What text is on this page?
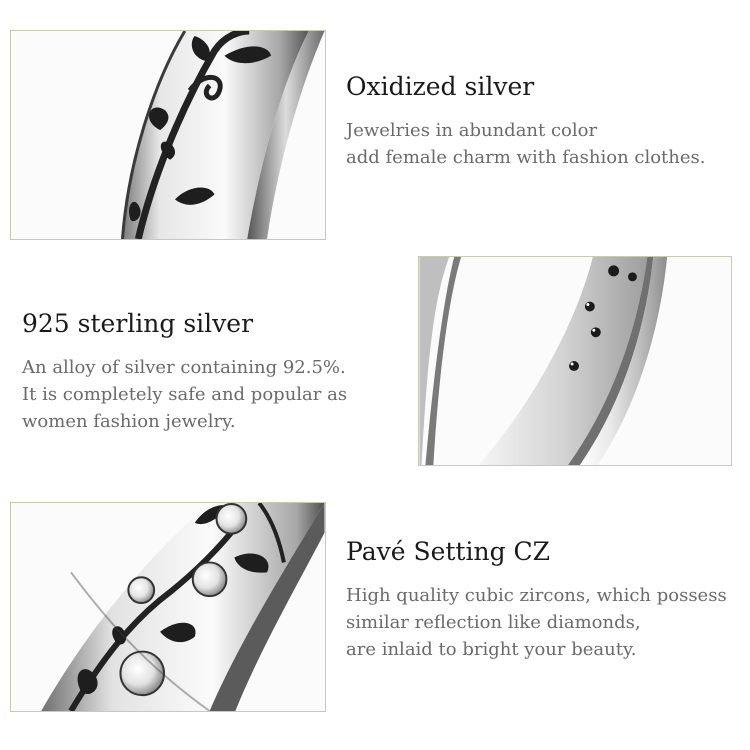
Oxidized silver
Jewelries in abundant color
add female charm with fashion clothes.
925 sterling silver
An alloy of silver containing 92.5%.
It is completely safe and popular as
women fashion jewelry.
Pavé Setting CZ
High quality cubic zircons, which possess
similar reflection like diamonds,
are inlaid to bright your beauty.
